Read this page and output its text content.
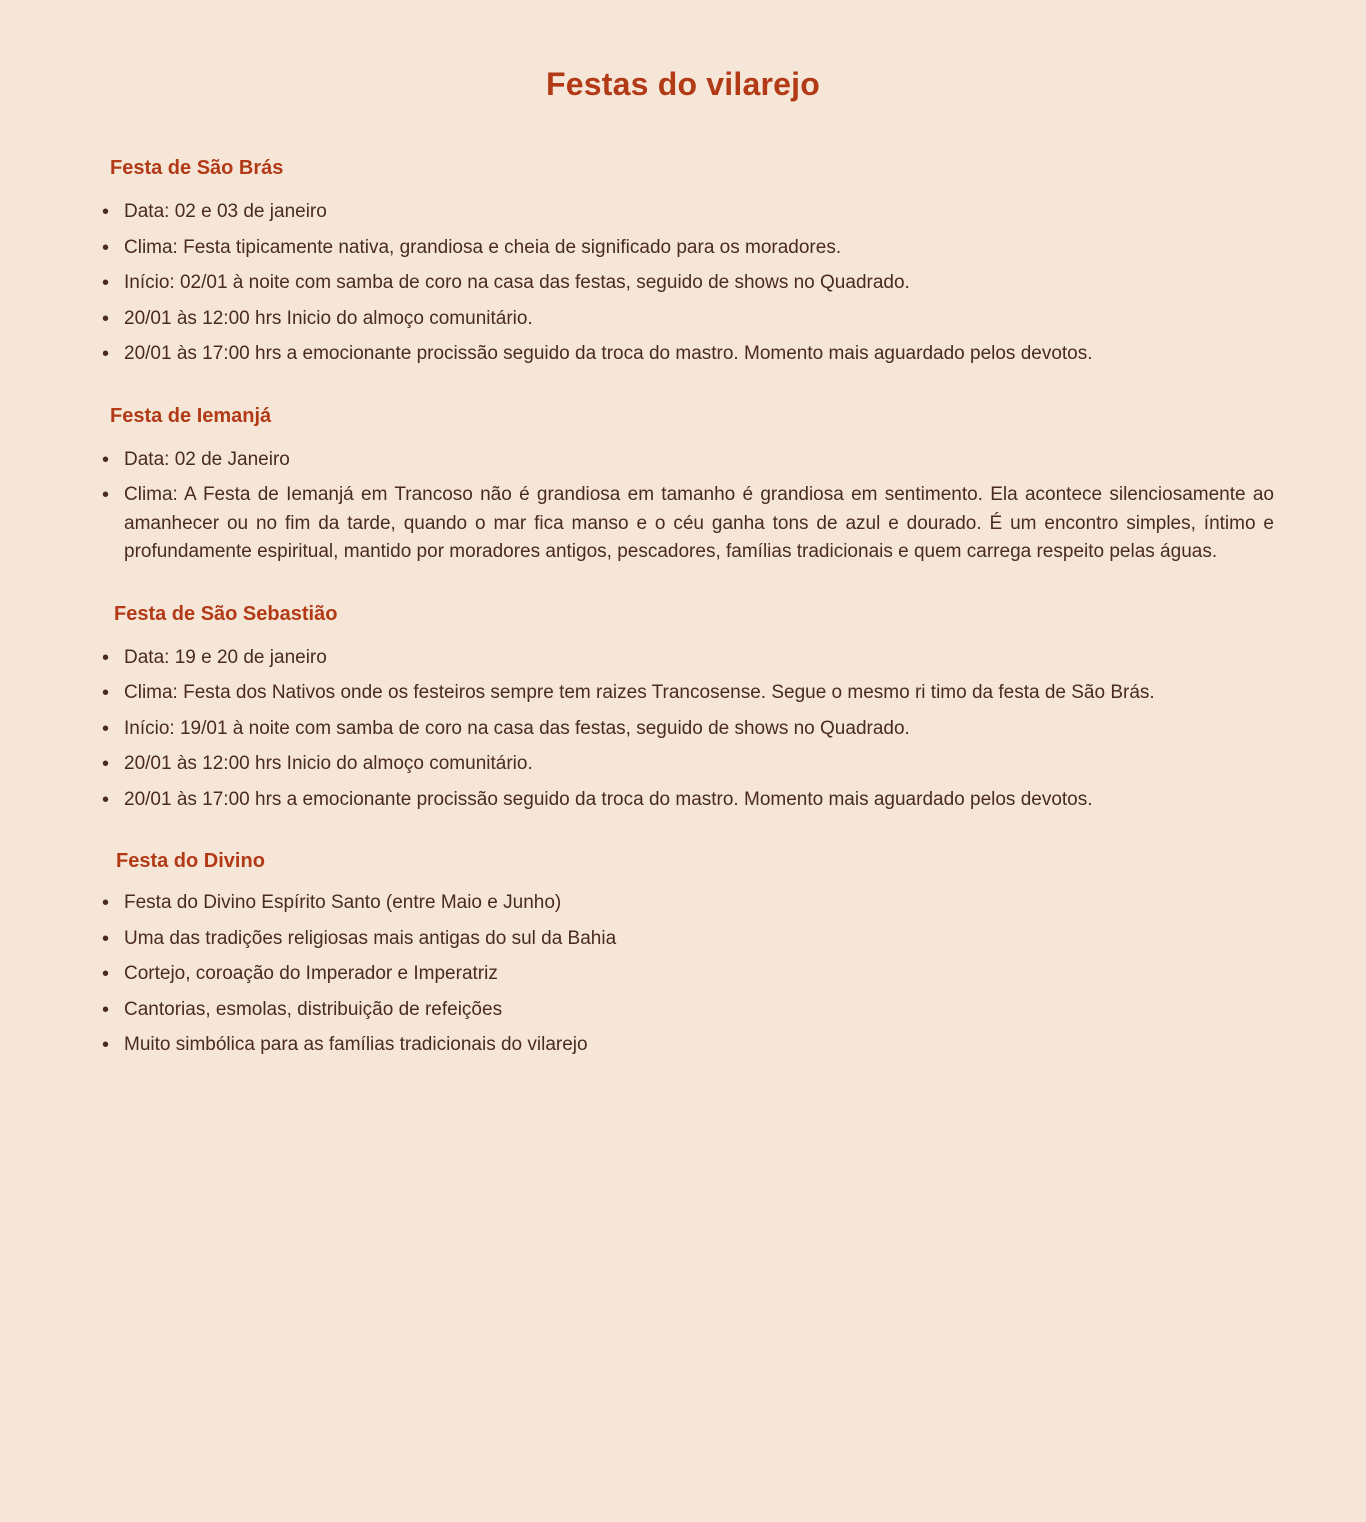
Festas do vilarejo
Festa de São Brás
• Data: 02 e 03 de janeiro
• Clima: Festa tipicamente nativa, grandiosa e cheia de significado para os moradores.
• Início: 02/01 à noite com samba de coro na casa das festas, seguido de shows no Quadrado.
• 20/01 às 12:00 hrs Inicio do almoço comunitário.
• 20/01 às 17:00 hrs a emocionante procissão seguido da troca do mastro. Momento mais aguardado pelos devotos.
Festa de Iemanjá
• Data: 02 de Janeiro
• Clima: A Festa de Iemanjá em Trancoso não é grandiosa em tamanho é grandiosa em sentimento. Ela acontece silenciosamente ao amanhecer ou no fim da tarde, quando o mar fica manso e o céu ganha tons de azul e dourado. É um encontro simples, íntimo e profundamente espiritual, mantido por moradores antigos, pescadores, famílias tradicionais e quem carrega respeito pelas águas.
Festa de São Sebastião
• Data: 19 e 20 de janeiro
• Clima: Festa dos Nativos onde os festeiros sempre tem raizes Trancosense. Segue o mesmo ri timo da festa de São Brás.
• Início: 19/01 à noite com samba de coro na casa das festas, seguido de shows no Quadrado.
• 20/01 às 12:00 hrs Inicio do almoço comunitário.
• 20/01 às 17:00 hrs a emocionante procissão seguido da troca do mastro. Momento mais aguardado pelos devotos.
Festa do Divino
• Festa do Divino Espírito Santo (entre Maio e Junho)
• Uma das tradições religiosas mais antigas do sul da Bahia
• Cortejo, coroação do Imperador e Imperatriz
• Cantorias, esmolas, distribuição de refeições
• Muito simbólica para as famílias tradicionais do vilarejo
